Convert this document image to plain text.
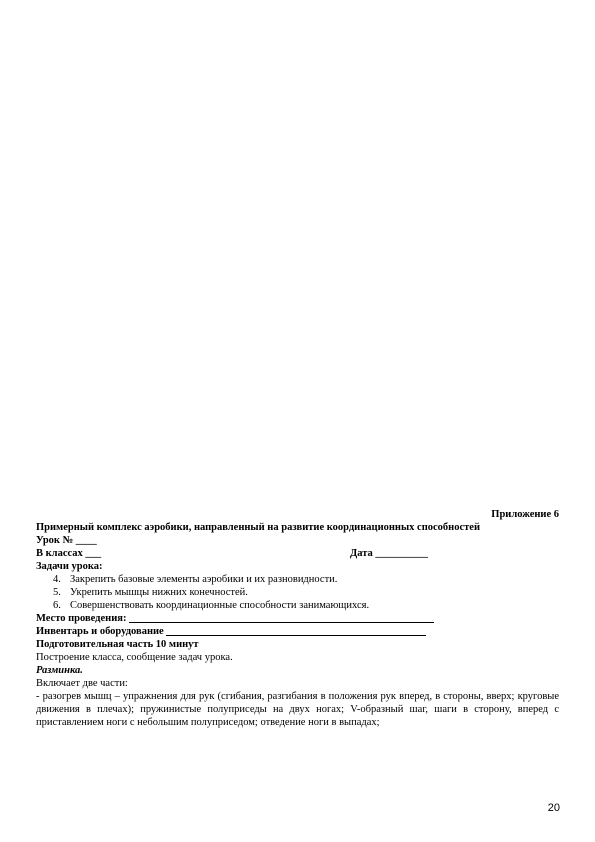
Приложение 6

Примерный комплекс аэробики, направленный на развитие координационных способностей

Урок №
____
В классах ___	Дата __________

Задачи урока:

4. Закрепить базовые элементы аэробики и их разновидности.
5. Укрепить мышцы нижних конечностей.
6. Совершенствовать координационные способности занимающихся.
Место проведения:

Инвентарь и оборудование

Подготовительная часть 10 минут

Построение класса, сообщение задач урока.

Разминка.

Включает две части:

- разогрев мышц – упражнения для рук (сгибания, разгибания в положения рук вперед, в стороны, вверх; круговые движения в плечах); пружинистые полуприседы на двух ногах; V-образный шаг, шаги в сторону, вперед с приставлением ноги с небольшим полуприседом; отведение ноги в выпадах;

20
